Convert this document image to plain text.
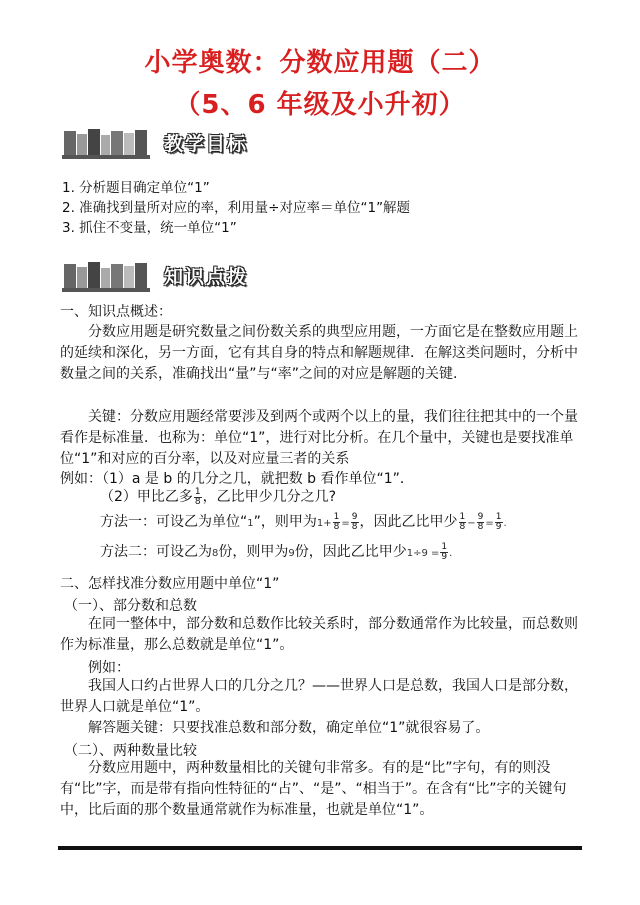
小学奥数：分数应用题（二）
（5、6 年级及小升初）
教学目标
1. 分析题目确定单位“1”
2. 准确找到量所对应的率，利用量÷对应率＝单位“1”解题
3. 抓住不变量，统一单位“1”
知识点拨
一、知识点概述：
分数应用题是研究数量之间份数关系的典型应用题，一方面它是在整数应用题上的延续和深化，另一方面，它有其自身的特点和解题规律．在解这类问题时，分析中数量之间的关系，准确找出“量”与“率”之间的对应是解题的关键.
关键：分数应用题经常要涉及到两个或两个以上的量，我们往往把其中的一个量看作是标准量．也称为：单位“1”，进行对比分析。在几个量中，关键也是要找准单位“1”和对应的百分率，以及对应量三者的关系
例如：（1）a 是 b 的几分之几，就把数 b 看作单位“1”．
（2）甲比乙多 $\frac{1}{8}$ ，乙比甲少几分之几?
方法一：可设乙为单位“1”，则甲为$1+ \frac{1}{8} = \frac{9}{8}$ ，因此乙比甲少 $\frac{1}{8} - \frac{9}{8} = \frac{1}{9}$ .
方法二：可设乙为8份，则甲为9份，因此乙比甲少$1\div 9 = \frac{1}{9}$ .
二、怎样找准分数应用题中单位“1”
（一）、部分数和总数
在同一整体中，部分数和总数作比较关系时，部分数通常作为比较量，而总数则作为标准量，那么总数就是单位“1”。
例如：
我国人口约占世界人口的几分之几？——世界人口是总数，我国人口是部分数，世界人口就是单位“1”。
解答题关键：只要找准总数和部分数，确定单位“1”就很容易了。
（二）、两种数量比较
分数应用题中，两种数量相比的关键句非常多。有的是“比”字句，有的则没有“比”字，而是带有指向性特征的“占”、“是”、“相当于”。在含有“比”字的关键句中，比后面的那个数量通常就作为标准量，也就是单位“1”。
